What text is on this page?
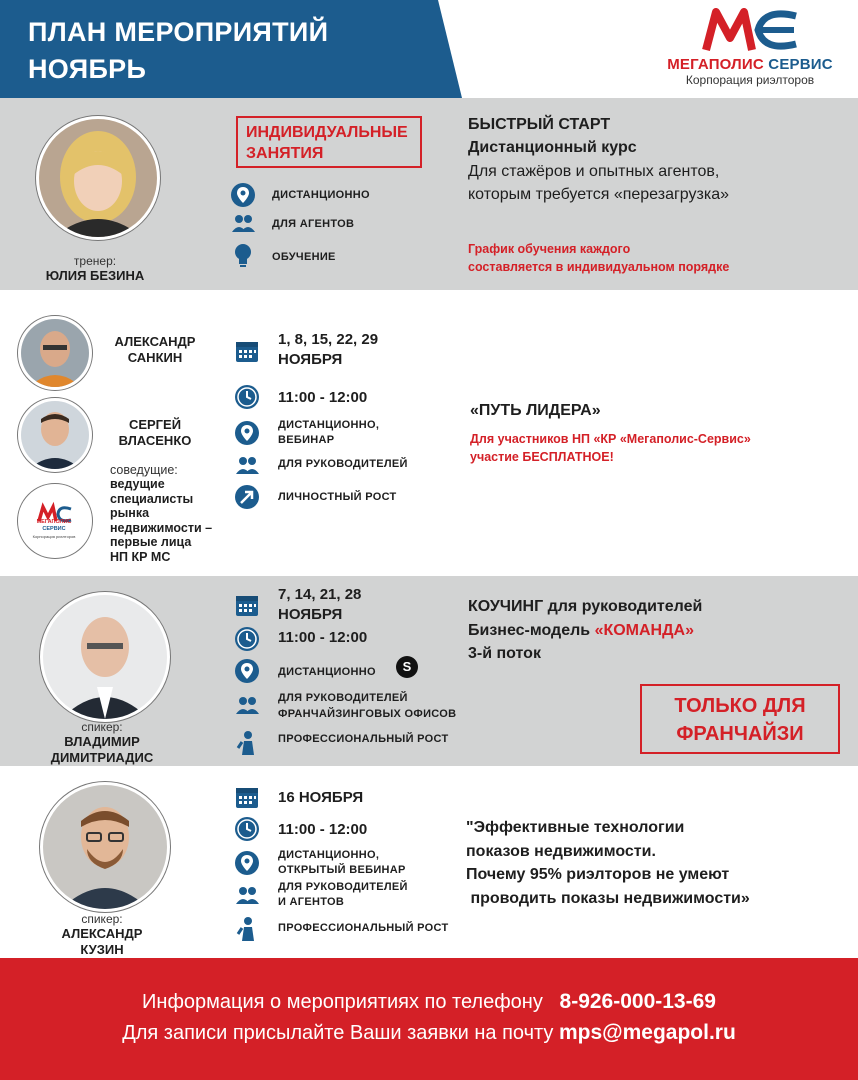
ПЛАН МЕРОПРИЯТИЙ
НОЯБРЬ	МЕГАПОЛИС СЕРВИС
Корпорация риэлторов
тренер:
ЮЛИЯ БЕЗИНА
ИНДИВИДУАЛЬНЫЕ
ЗАНЯТИЯ
ДИСТАНЦИОННО
ДЛЯ АГЕНТОВ
ОБУЧЕНИЕ
БЫСТРЫЙ СТАРТ
Дистанционный курс
Для стажёров и опытных агентов,
которым требуется «перезагрузка»
График обучения каждого
составляется в индивидуальном порядке
АЛЕКСАНДР
САНКИН
СЕРГЕЙ
ВЛАСЕНКО
МЕГАПОЛИС СЕРВИС
Корпорация риэлторов
соведущие:
ведущие
специалисты
рынка
недвижимости –
первые лица
НП КР МС
1, 8, 15, 22, 29
НОЯБРЯ
11:00 - 12:00
ДИСТАНЦИОННО,
ВЕБИНАР
ДЛЯ РУКОВОДИТЕЛЕЙ
ЛИЧНОСТНЫЙ РОСТ
«ПУТЬ ЛИДЕРА»
Для участников НП «КР «Мегаполис-Сервис»
участие БЕСПЛАТНОЕ!
спикер:
ВЛАДИМИР
ДИМИТРИАДИС
7, 14, 21, 28
НОЯБРЯ
11:00 - 12:00
ДИСТАНЦИОННО	S
ДЛЯ РУКОВОДИТЕЛЕЙ
ФРАНЧАЙЗИНГОВЫХ ОФИСОВ
ПРОФЕССИОНАЛЬНЫЙ РОСТ
КОУЧИНГ для руководителей
Бизнес-модель «КОМАНДА»
3-й поток
ТОЛЬКО ДЛЯ
ФРАНЧАЙЗИ
спикер:
АЛЕКСАНДР
КУЗИН
16 НОЯБРЯ
11:00 - 12:00
ДИСТАНЦИОННО,
ОТКРЫТЫЙ ВЕБИНАР
ДЛЯ РУКОВОДИТЕЛЕЙ
И АГЕНТОВ
ПРОФЕССИОНАЛЬНЫЙ РОСТ
"Эффективные технологии
показов недвижимости.
Почему 95% риэлторов не умеют
проводить показы недвижимости»
Информация о мероприятиях по телефону 8-926-000-13-69
Для записи присылайте Ваши заявки на почту mps@megapol.ru
